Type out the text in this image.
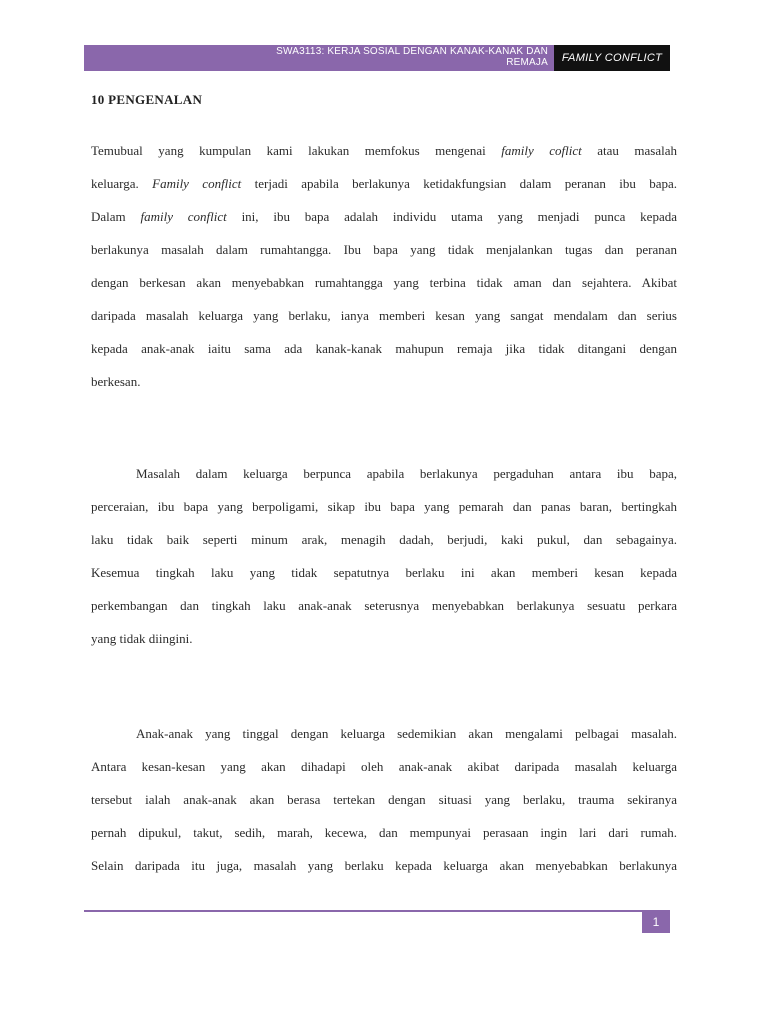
SWA3113: KERJA SOSIAL DENGAN KANAK-KANAK DAN
REMAJA	FAMILY CONFLICT
10 PENGENALAN
Temubual yang kumpulan kami lakukan memfokus mengenai family coflict atau masalah
keluarga. Family conflict terjadi apabila berlakunya ketidakfungsian dalam peranan ibu bapa.
Dalam family conflict ini, ibu bapa adalah individu utama yang menjadi punca kepada
berlakunya masalah dalam rumahtangga. Ibu bapa yang tidak menjalankan tugas dan peranan
dengan berkesan akan menyebabkan rumahtangga yang terbina tidak aman dan sejahtera. Akibat
daripada masalah keluarga yang berlaku, ianya memberi kesan yang sangat mendalam dan serius
kepada anak-anak iaitu sama ada kanak-kanak mahupun remaja jika tidak ditangani dengan
berkesan.
Masalah dalam keluarga berpunca apabila berlakunya pergaduhan antara ibu bapa,
perceraian, ibu bapa yang berpoligami, sikap ibu bapa yang pemarah dan panas baran, bertingkah
laku tidak baik seperti minum arak, menagih dadah, berjudi, kaki pukul, dan sebagainya.
Kesemua tingkah laku yang tidak sepatutnya berlaku ini akan memberi kesan kepada
perkembangan dan tingkah laku anak-anak seterusnya menyebabkan berlakunya sesuatu perkara
yang tidak diingini.
Anak-anak yang tinggal dengan keluarga sedemikian akan mengalami pelbagai masalah.
Antara kesan-kesan yang akan dihadapi oleh anak-anak akibat daripada masalah keluarga
tersebut ialah anak-anak akan berasa tertekan dengan situasi yang berlaku, trauma sekiranya
pernah dipukul, takut, sedih, marah, kecewa, dan mempunyai perasaan ingin lari dari rumah.
Selain daripada itu juga, masalah yang berlaku kepada keluarga akan menyebabkan berlakunya
1
